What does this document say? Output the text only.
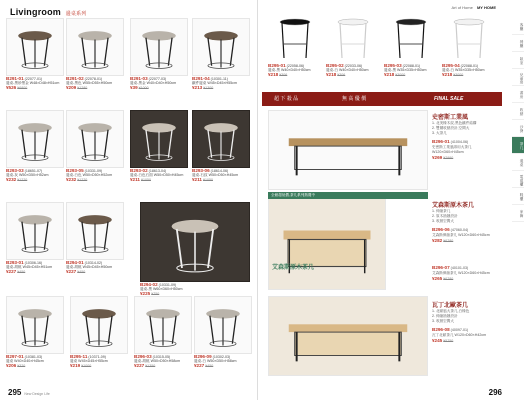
Livingroom 邊桌系列
B291-01 (22077-01)
邊桌-黑砂黑金 W48×D48×H51cm
¥526 ¥6800
B291-02 (22078-01)
邊桌-黑色 W55×D55×H50cm
¥209 ¥1280
B291-03 (22077-03)
邊桌-黑金 W40×D40×H50cm
¥39 ¥1000
B291-04 (10301-11)
鐵件邊桌 W45×D45×H55cm
¥213 ¥1300
B293-03 (18651-07)
邊桌-灰 W50×D50×H52cm
¥232 ¥1220
B293-05 (10331-09)
邊桌-白色 W50×D50×H52cm
¥232 ¥1220
B293-02 (18613-04)
邊桌-白色石面 W50×D50×H45cm
¥211 ¥1050
B293-06 (18614-06)
邊桌-石紋 W50×D50×H45cm
¥211 ¥1050
B293-01 (10306-16)
邊桌-胡桃 W45×D45×H51cm
¥227 ¥450
B294-01 (10314-02)
邊桌-胡桃 W45×D45×H50cm
¥227 ¥450
B294-02 (10331-09)
邊桌-黑 W60×D60×H50cm
¥225 ¥750
B297-01 (10381-03)
邊桌 W40×D40×H45cm
¥206 ¥320
B295-11 (10371-09)
邊桌 W45×D45×H55cm
¥219 ¥1000
B296-03 (10315-05)
邊桌-胡桃 W50×D50×H58cm
¥227 ¥1350
B296-09 (10302-03)
邊桌-白 W50×D50×H58cm
¥227 ¥450
295 New Design Life
Art of Home MY HOME
B295-01 (22058-06)
邊桌-黑 W40×D40×H50cm
¥218 ¥306
B295-02 (22033-06)
邊桌-白 W40×D40×H50cm
¥218 ¥306
B295-03 (22088-01)
邊桌-黑 W35×D35×H50cm
¥218 ¥3000
B295-04 (22088-01)
邊桌-白 W35×D35×H50cm
¥218 ¥3000
超 下 殺 品	無 高 優 價	FINAL SALE
史密斯工業風
1. 北美橡木紋,黑色鐵件結構
2. 雙層收納設計,空間大
3. 大茶几
B296-01 (41004-06)
史密斯工業風兩用大茶几 W120×D60×H45cm
¥269 ¥2990
艾森斯原木茶几
1. 伸縮茶几
2. 原木抽屜設計
3. 收納空間大
B296-06 (47060-04)
艾森斯伸縮茶几 W120×D60×H45cm
¥282 ¥6780
B296-07 (40101-03)
艾森斯伸縮茶几 W120×D60×H45cm
¥265 ¥6780
瓦丁北歐茶几
1. 北歐風大茶几,白橡色
2. 伸縮抽屜設計
3. 收納空間大
B296-08 (40097-01)
瓦丁北歐茶几 W120×D60×H42cm
¥245 ¥5750
艾森斯原木茶几
全館超低價,茶几系列熱賣中
客廳
餐廳
臥室
兒童房
書房
收納
沙發
茶几
邊桌
電視櫃
鞋櫃
家飾
296
